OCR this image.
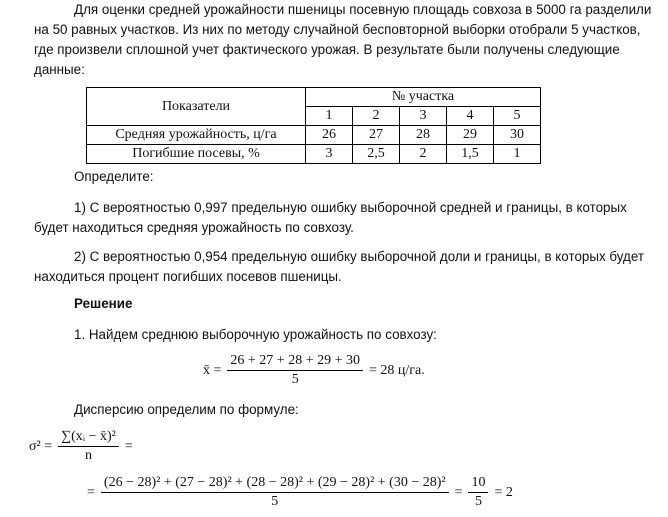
Для оценки средней урожайности пшеницы посевную площадь совхоза в 5000 га разделили на 50 равных участков. Из них по методу случайной бесповторной выборки отобрали 5 участков, где произвели сплошной учет фактического урожая. В результате были получены следующие данные:

Показатели	№ участка				
	1	2	3	4	5
Средняя урожайность, ц/га	26	27	28	29	30
Погибшие посевы, %	3	2,5	2	1,5	1

Определите:

1) С вероятностью 0,997 предельную ошибку выборочной средней и границы, в которых будет находиться средняя урожайность по совхозу.

2) С вероятностью 0,954 предельную ошибку выборочной доли и границы, в которых будет находиться процент погибших посевов пшеницы.

Решение

1. Найдем среднюю выборочную урожайность по совхозу:

x̄ = $\frac{26 + 27 + 28 + 29 + 30}{5} = 28$ ц/га.

Дисперсию определим по формуле:

$\sigma^2 = \frac{\text{∑(xᵢ − x̄)²}}{n}$ =
=
(26 − 28)² + (27 − 28)² + (28 − 28)² + (29 − 28)² + (30 − 28)²
5
= $\frac{10}{5} = 2$
